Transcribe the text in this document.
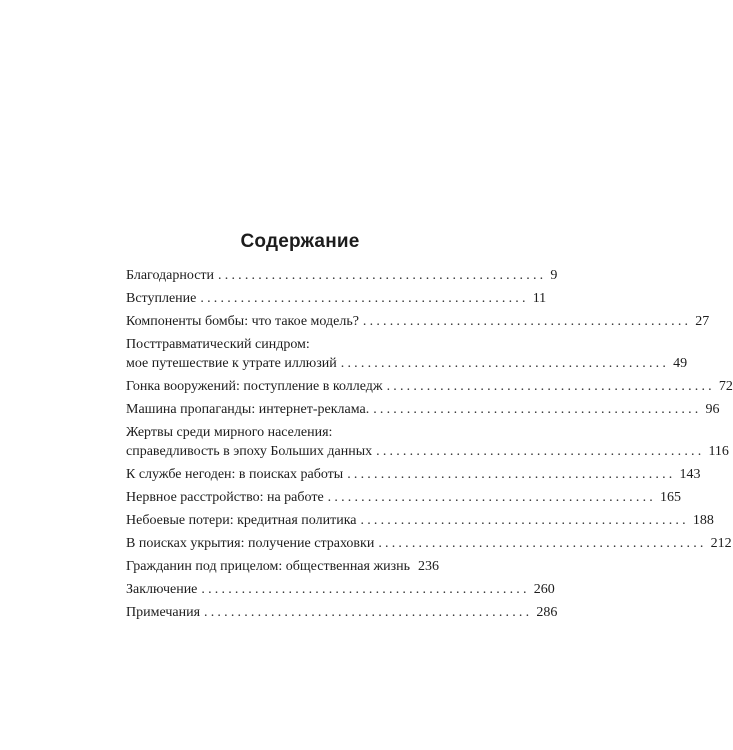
Содержание
Благодарности ................................................. 9
Вступление ................................................. 11
Компоненты бомбы: что такое модель? ................................................. 27
Посттравматический синдром:
мое путешествие к утрате иллюзий ................................................. 49
Гонка вооружений: поступление в колледж ................................................. 72
Машина пропаганды: интернет-реклама. ................................................. 96
Жертвы среди мирного населения:
справедливость в эпоху Больших данных ................................................. 116
К службе негоден: в поисках работы ................................................. 143
Нервное расстройство: на работе ................................................. 165
Небоевые потери: кредитная политика ................................................. 188
В поисках укрытия: получение страховки ................................................. 212
Гражданин под прицелом: общественная жизнь 236
Заключение ................................................. 260
Примечания ................................................. 286
